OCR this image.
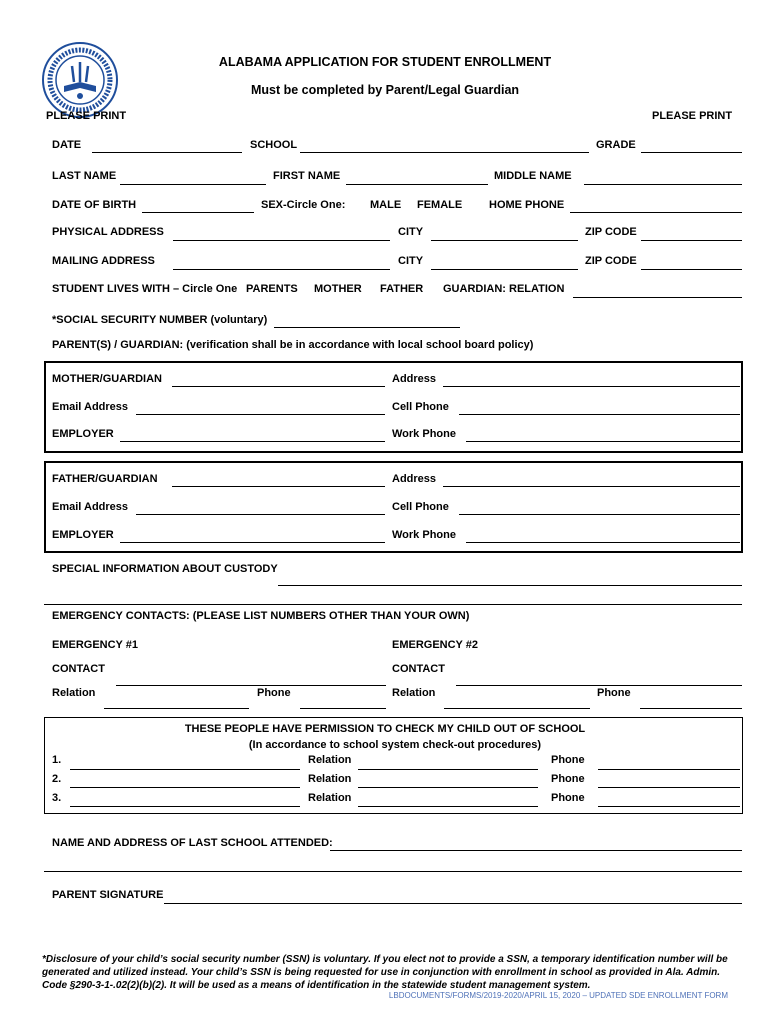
ALABAMA APPLICATION FOR STUDENT ENROLLMENT
Must be completed by Parent/Legal Guardian
PLEASE PRINT	PLEASE PRINT
DATE	SCHOOL	GRADE
LAST NAME	FIRST NAME	MIDDLE NAME
DATE OF BIRTH	SEX-Circle One: MALE FEMALE HOME PHONE
PHYSICAL ADDRESS	CITY	ZIP CODE
MAILING ADDRESS	CITY	ZIP CODE
STUDENT LIVES WITH – Circle One PARENTS MOTHER FATHER GUARDIAN: RELATION
*SOCIAL SECURITY NUMBER (voluntary)
PARENT(S) / GUARDIAN: (verification shall be in accordance with local school board policy)
MOTHER/GUARDIAN	Address
Email Address	Cell Phone
EMPLOYER	Work Phone
FATHER/GUARDIAN	Address
Email Address	Cell Phone
EMPLOYER	Work Phone
SPECIAL INFORMATION ABOUT CUSTODY
EMERGENCY CONTACTS: (PLEASE LIST NUMBERS OTHER THAN YOUR OWN)
EMERGENCY #1	EMERGENCY #2
CONTACT	CONTACT
Relation	Phone	Relation	Phone
THESE PEOPLE HAVE PERMISSION TO CHECK MY CHILD OUT OF SCHOOL
(In accordance to school system check-out procedures)
1.	Relation	Phone
2.	Relation	Phone
3.	Relation	Phone
NAME AND ADDRESS OF LAST SCHOOL ATTENDED:
PARENT SIGNATURE
*Disclosure of your child’s social security number (SSN) is voluntary. If you elect not to provide a SSN, a temporary identification number will be generated and utilized instead. Your child’s SSN is being requested for use in conjunction with enrollment in school as provided in Ala. Admin. Code §290-3-1-.02(2)(b)(2). It will be used as a means of identification in the statewide student management system.
LBDOCUMENTS/FORMS/2019-2020/APRIL 15, 2020 – UPDATED SDE ENROLLMENT FORM
